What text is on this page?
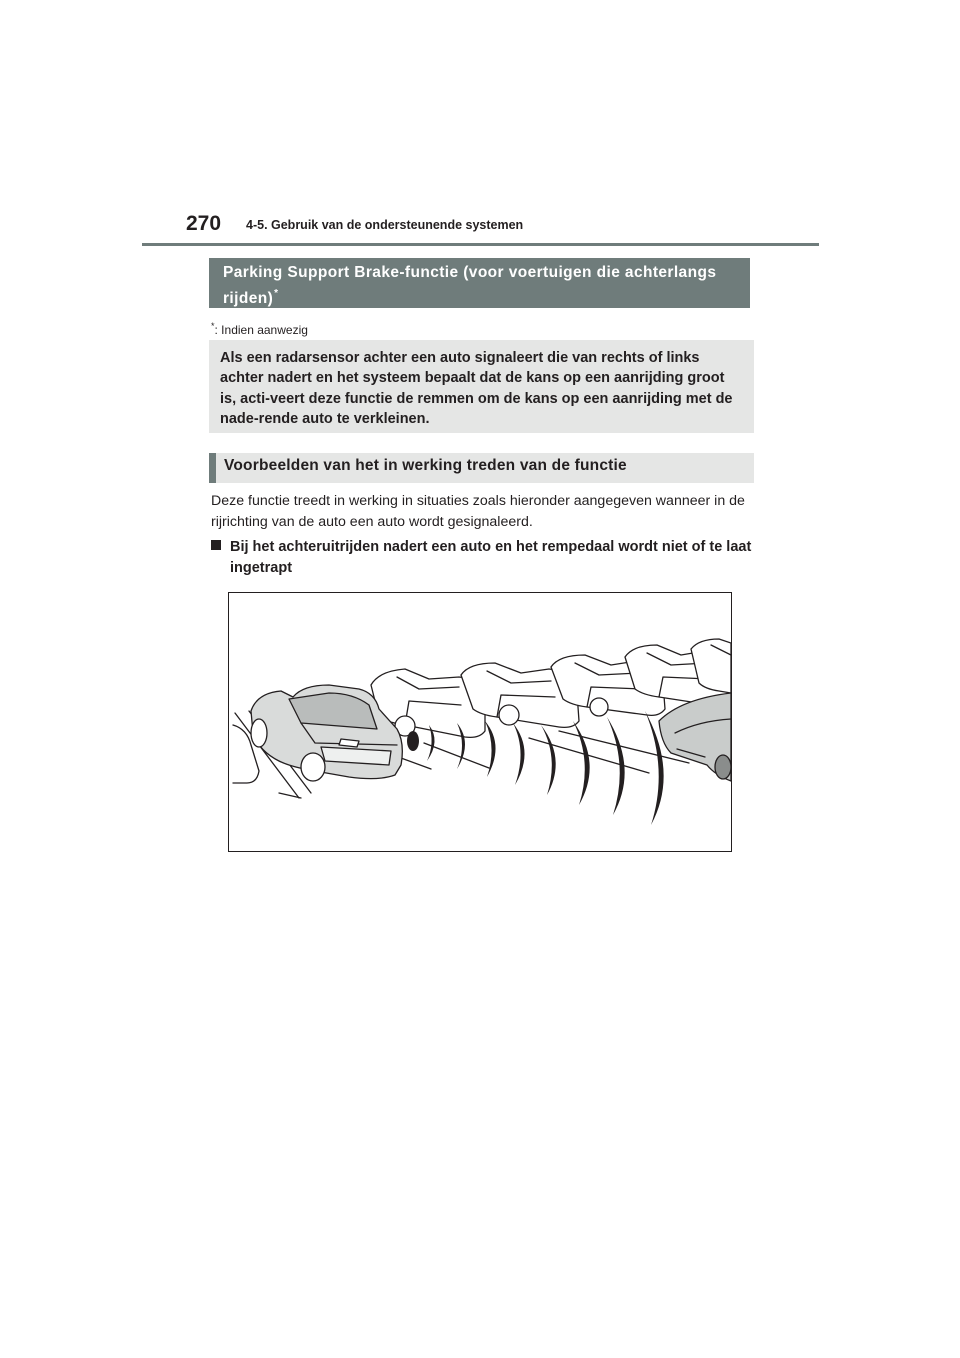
270 4-5. Gebruik van de ondersteunende systemen
Parking Support Brake-functie (voor voertuigen die achterlangs rijden)*
*: Indien aanwezig
Als een radarsensor achter een auto signaleert die van rechts of links achter nadert en het systeem bepaalt dat de kans op een aanrijding groot is, acti-veert deze functie de remmen om de kans op een aanrijding met de nade-rende auto te verkleinen.
Voorbeelden van het in werking treden van de functie
Deze functie treedt in werking in situaties zoals hieronder aangegeven wanneer in de rijrichting van de auto een auto wordt gesignaleerd.
Bij het achteruitrijden nadert een auto en het rempedaal wordt niet of te laat ingetrapt
